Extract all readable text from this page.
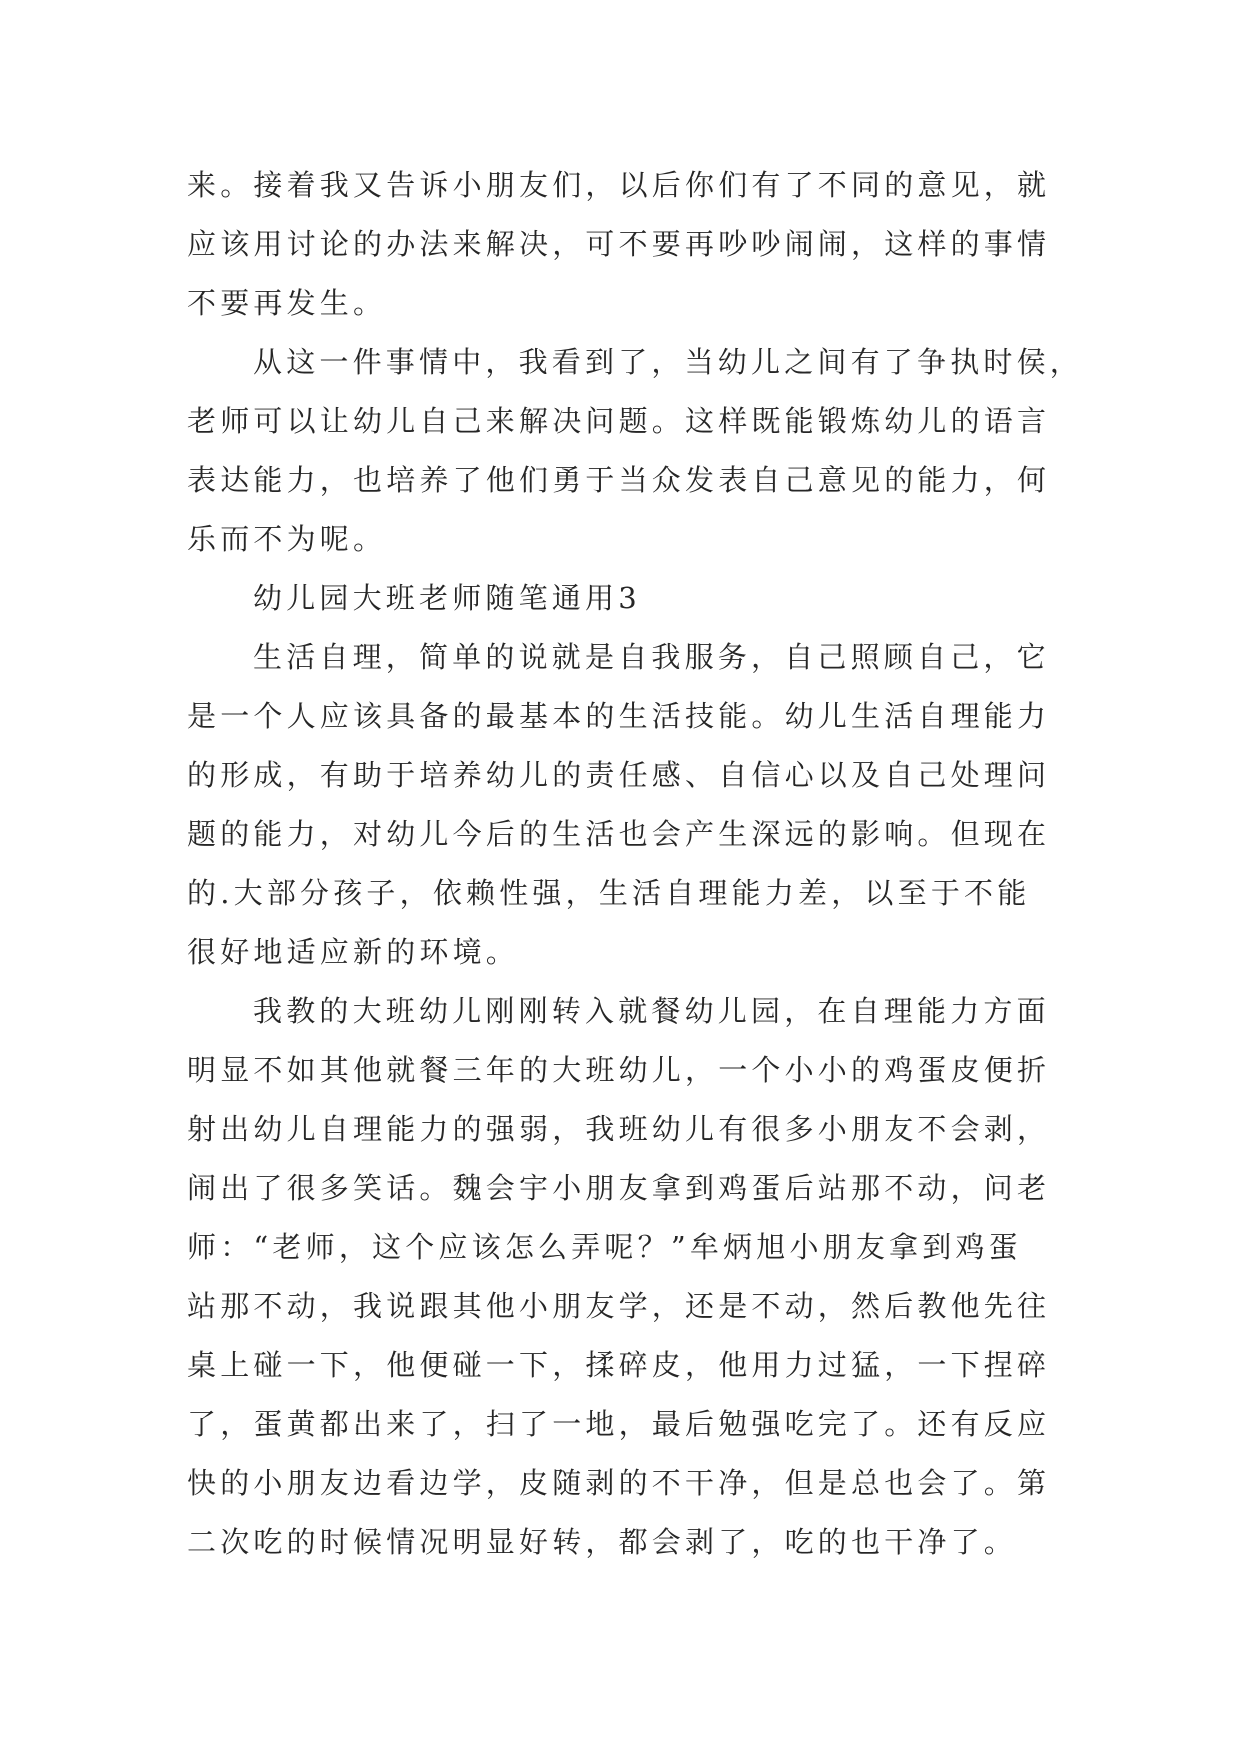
来。接着我又告诉小朋友们，以后你们有了不同的意见，就
应该用讨论的办法来解决，可不要再吵吵闹闹，这样的事情
不要再发生。
从这一件事情中，我看到了，当幼儿之间有了争执时侯，
老师可以让幼儿自己来解决问题。这样既能锻炼幼儿的语言
表达能力，也培养了他们勇于当众发表自己意见的能力，何
乐而不为呢。
幼儿园大班老师随笔通用3
生活自理，简单的说就是自我服务，自己照顾自己，它
是一个人应该具备的最基本的生活技能。幼儿生活自理能力
的形成，有助于培养幼儿的责任感、自信心以及自己处理问
题的能力，对幼儿今后的生活也会产生深远的影响。但现在
的.大部分孩子，依赖性强，生活自理能力差，以至于不能
很好地适应新的环境。
我教的大班幼儿刚刚转入就餐幼儿园，在自理能力方面
明显不如其他就餐三年的大班幼儿，一个小小的鸡蛋皮便折
射出幼儿自理能力的强弱，我班幼儿有很多小朋友不会剥，
闹出了很多笑话。魏会宇小朋友拿到鸡蛋后站那不动，问老
师：“老师，这个应该怎么弄呢？”牟炳旭小朋友拿到鸡蛋
站那不动，我说跟其他小朋友学，还是不动，然后教他先往
桌上碰一下，他便碰一下，揉碎皮，他用力过猛，一下捏碎
了，蛋黄都出来了，扫了一地，最后勉强吃完了。还有反应
快的小朋友边看边学，皮随剥的不干净，但是总也会了。第
二次吃的时候情况明显好转，都会剥了，吃的也干净了。
